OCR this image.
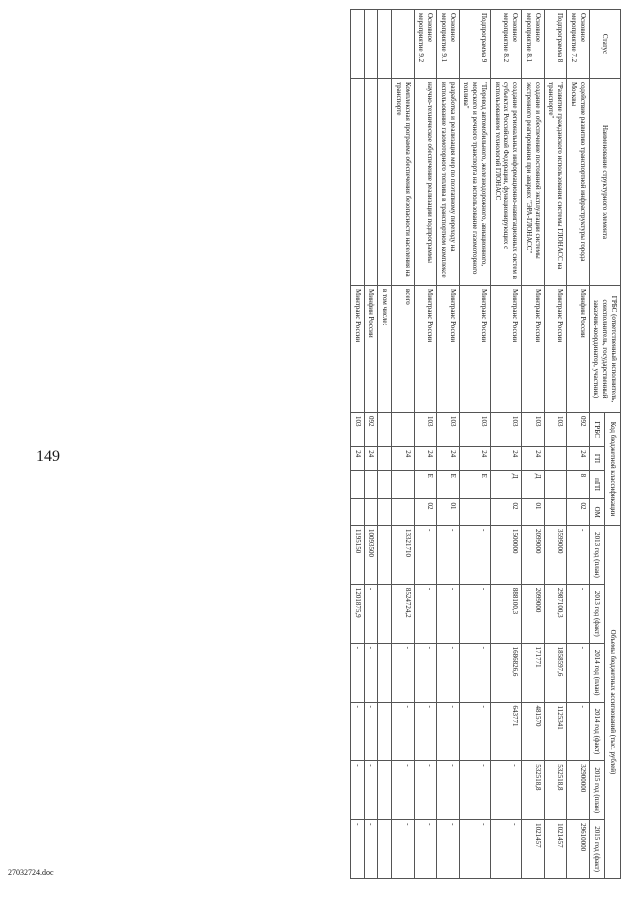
149
27032724.doc
Статус	Наименование структурного элемента	ГРБС (ответственный исполнитель, соисполнитель, государственный заказчик-координатор, участник)	Код бюджетной классификации				Объемы бюджетных ассигнований (тыс. рублей)					
			ГРБС	ГП	пГП	ОМ	2013 год (план)	2013 год (факт)	2014 год (план)	2014 год (факт)	2015 год (план)	2015 год (факт)
Основное мероприятие 7.2	содействие развитию транспортной инфраструктуры города Москвы	Минфин России	092	24	8	02	-	-	-	-	32900000	29610000
Подпрограмма 8	"Развитие гражданского использования системы ГЛОНАСС на транспорте"	Минтранс России	103				3599000	2987100,3	1858597,6	1125341	532518,8	1021457
Основное мероприятие 8.1	создание и обеспечение постоянной эксплуатации системы экстренного реагирования при авариях "ЭРА-ГЛОНАСС"	Минтранс России	103	24	Д	01	2099000	2099000	171771	481570	532518,8	1021457
Основное мероприятие 8.2	создание региональных информационно-навигационных систем в субъектах Российской Федерации, функционирующих с использованием технологий ГЛОНАСС	Минтранс России	103	24	Д	02	1500000	888100,3	1686826,6	643771	-	-
Подпрограмма 9	"Перевод автомобильного, железнодорожного, авиационного, морского и речного транспорта на использование газомоторного топлива"	Минтранс России	103	24	Е		-	-	-	-	-	-
Основное мероприятие 9.1	разработка и реализация мер по поэтапному переходу на использование газомоторного топлива в транспортном комплексе	Минтранс России	103	24	Е	01	-	-	-	-	-	-
Основное мероприятие 9.2	научно-техническое обеспечение реализации подпрограммы	Минтранс России	103	24	Е	02	-	-	-	-	-	-
	Комплексная программа обеспечения безопасности населения на транспорте	всего		24			13321710	8524724,2	-	-	-	-
		в том числе:										
		Минфин России	092	24			10093500	-	-	-	-	-
		Минтранс России	103	24			1195150	1201875,9	-	-	-	-
